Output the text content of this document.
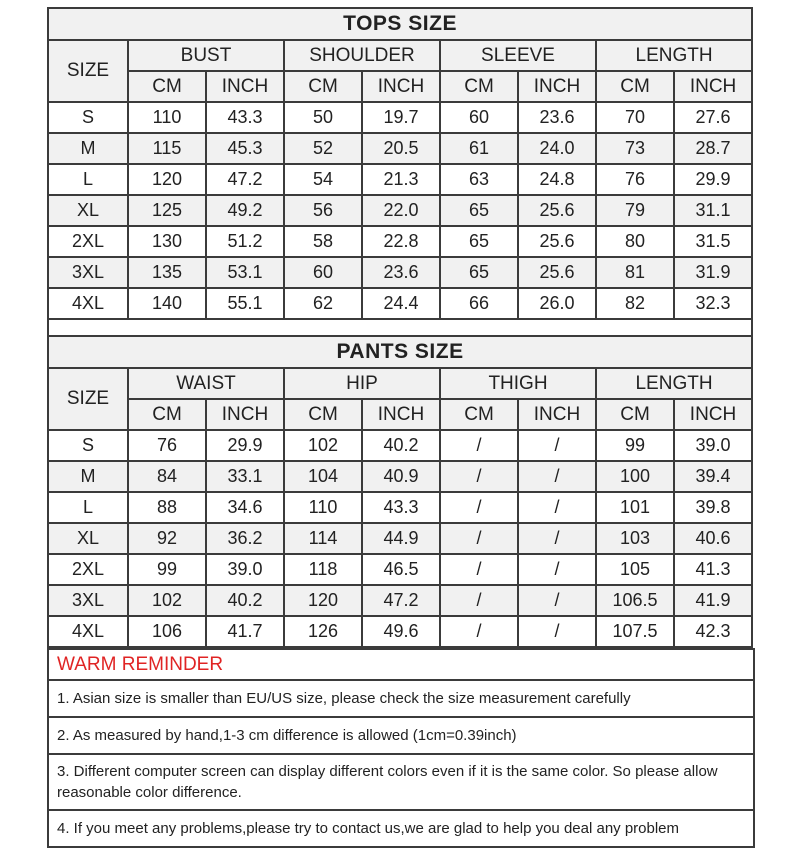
TOPS SIZE								
SIZE	BUST		SHOULDER		SLEEVE		LENGTH	
	CM	INCH	CM	INCH	CM	INCH	CM	INCH
S	110	43.3	50	19.7	60	23.6	70	27.6
M	115	45.3	52	20.5	61	24.0	73	28.7
L	120	47.2	54	21.3	63	24.8	76	29.9
XL	125	49.2	56	22.0	65	25.6	79	31.1
2XL	130	51.2	58	22.8	65	25.6	80	31.5
3XL	135	53.1	60	23.6	65	25.6	81	31.9
4XL	140	55.1	62	24.4	66	26.0	82	32.3
PANTS SIZE								
SIZE	WAIST		HIP		THIGH		LENGTH	
	CM	INCH	CM	INCH	CM	INCH	CM	INCH
S	76	29.9	102	40.2	/	/	99	39.0
M	84	33.1	104	40.9	/	/	100	39.4
L	88	34.6	110	43.3	/	/	101	39.8
XL	92	36.2	114	44.9	/	/	103	40.6
2XL	99	39.0	118	46.5	/	/	105	41.3
3XL	102	40.2	120	47.2	/	/	106.5	41.9
4XL	106	41.7	126	49.6	/	/	107.5	42.3
WARM REMINDER
1. Asian size is smaller than EU/US size, please check the size measurement carefully
2. As measured by hand,1-3 cm difference is allowed (1cm=0.39inch)
3. Different computer screen can display different colors even if it is the same color. So please allow reasonable color difference.
4. If you meet any problems,please try to contact us,we are glad to help you deal any problem
